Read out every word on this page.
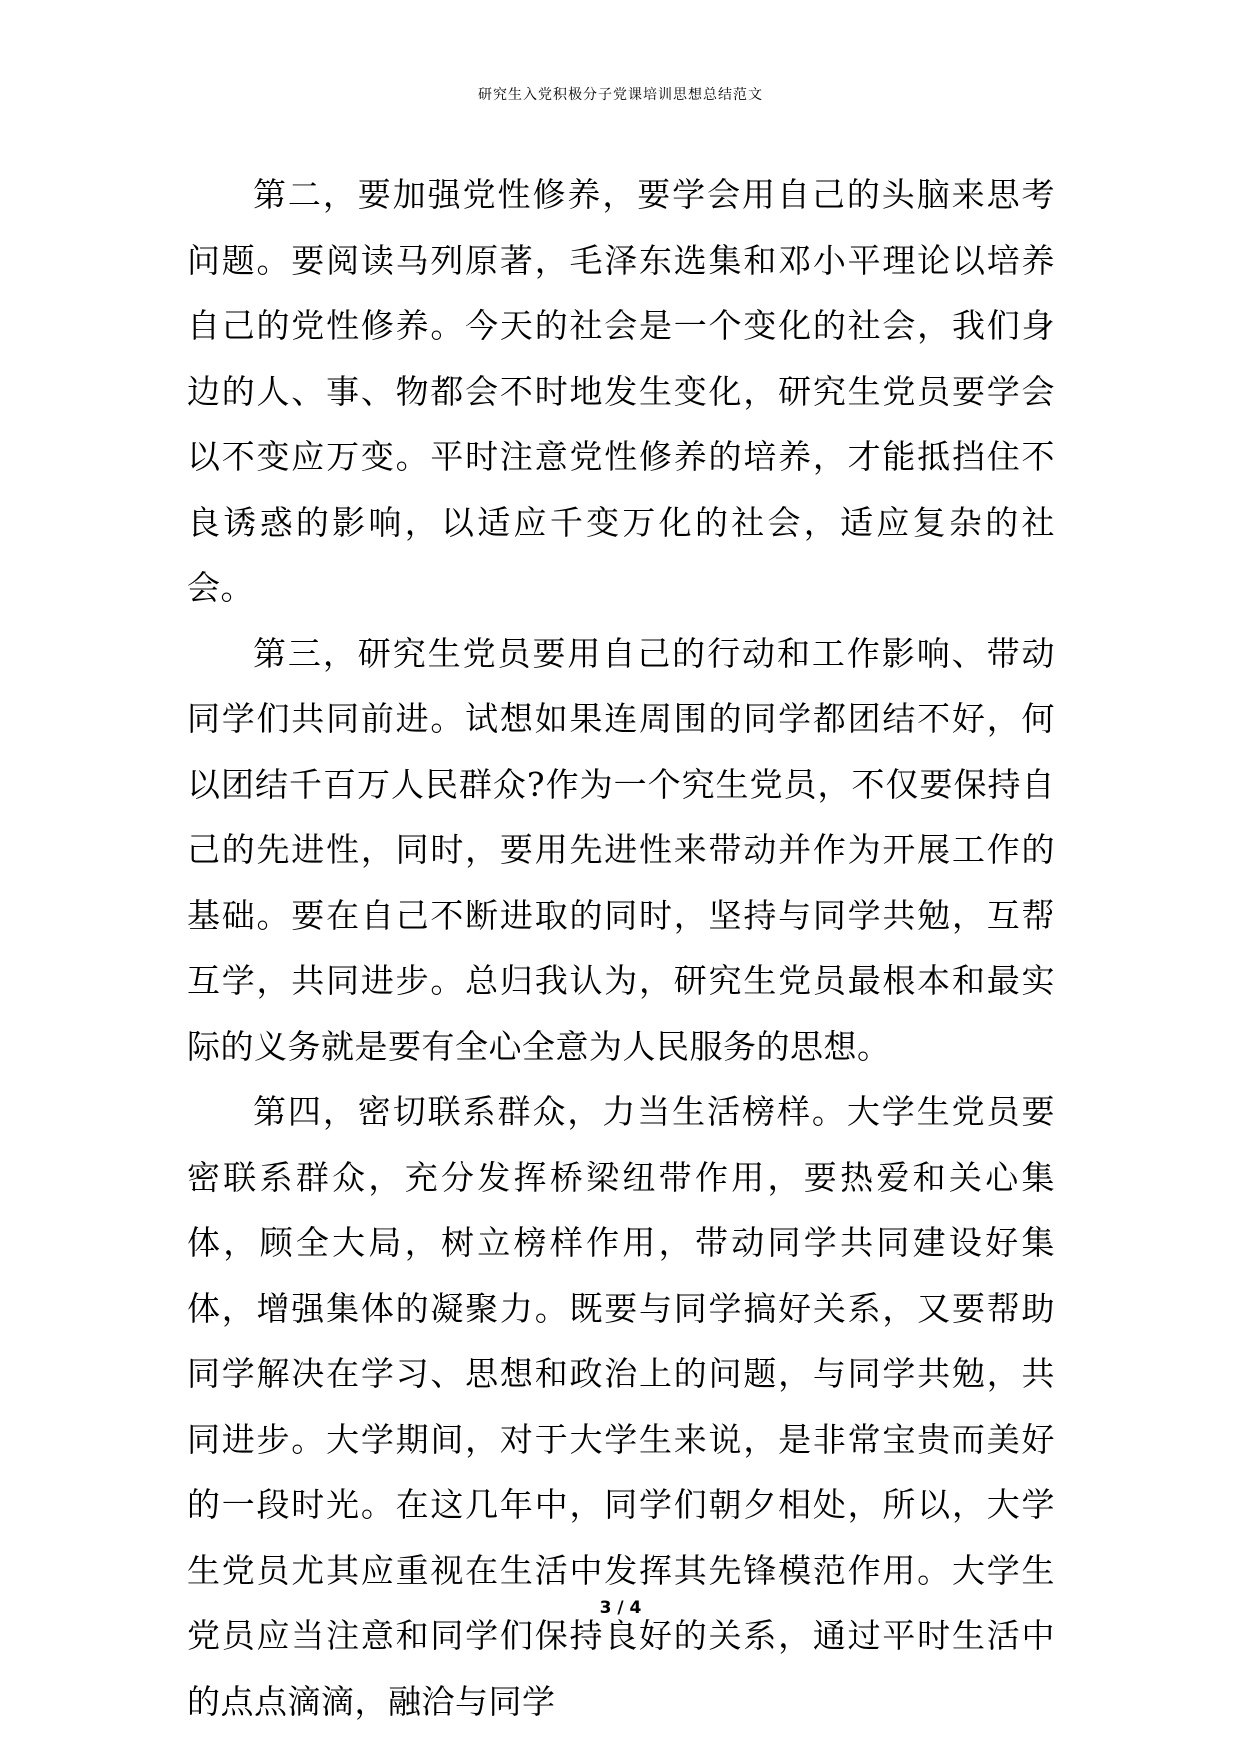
研究生入党积极分子党课培训思想总结范文

第二，要加强党性修养，要学会用自己的头脑来思考问题。要阅读马列原著，毛泽东选集和邓小平理论以培养自己的党性修养。今天的社会是一个变化的社会，我们身边的人、事、物都会不时地发生变化，研究生党员要学会以不变应万变。平时注意党性修养的培养，才能抵挡住不良诱惑的影响，以适应千变万化的社会，适应复杂的社会。

第三，研究生党员要用自己的行动和工作影响、带动同学们共同前进。试想如果连周围的同学都团结不好，何以团结千百万人民群众?作为一个究生党员，不仅要保持自己的先进性，同时，要用先进性来带动并作为开展工作的基础。要在自己不断进取的同时，坚持与同学共勉，互帮互学，共同进步。总归我认为，研究生党员最根本和最实际的义务就是要有全心全意为人民服务的思想。

第四，密切联系群众，力当生活榜样。大学生党员要密联系群众，充分发挥桥梁纽带作用，要热爱和关心集体，顾全大局，树立榜样作用，带动同学共同建设好集体，增强集体的凝聚力。既要与同学搞好关系，又要帮助同学解决在学习、思想和政治上的问题，与同学共勉，共同进步。大学期间，对于大学生来说，是非常宝贵而美好的一段时光。在这几年中，同学们朝夕相处，所以，大学生党员尤其应重视在生活中发挥其先锋模范作用。大学生党员应当注意和同学们保持良好的关系，通过平时生活中的点点滴滴，融洽与同学

3 / 4
